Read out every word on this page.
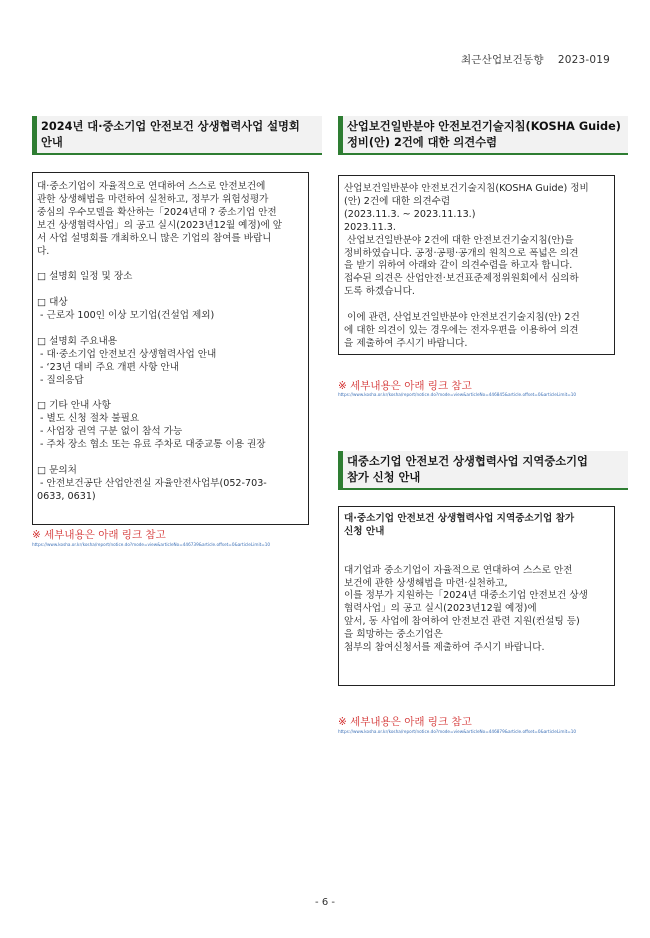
최근산업보건동향 2023-019
2024년 대·중소기업 안전보건 상생협력사업 설명회
안내

대·중소기업이 자율적으로 연대하여 스스로 안전보건에

관한 상생해법을 마련하여 실천하고, 정부가 위험성평가

중심의 우수모델을 확산하는「2024년대 ? 중소기업 안전

보건 상생협력사업」의 공고 실시(2023년12월 예정)에 앞

서 사업 설명회를 개최하오니 많은 기업의 참여를 바랍니

다.

□ 설명회 일정 및 장소

□ 대상

- 근로자 100인 이상 모기업(건설업 제외)

□ 설명회 주요내용

- 대·중소기업 안전보건 상생협력사업 안내

- ‘23년 대비 주요 개편 사항 안내

- 질의응답

□ 기타 안내 사항

- 별도 신청 절차 불필요

- 사업장 권역 구분 없이 참석 가능

- 주차 장소 협소 또는 유료 주차로 대중교통 이용 권장

□ 문의처

- 안전보건공단 산업안전실 자율안전사업부(052-703-

0633, 0631)

※ 세부내용은 아래 링크 참고
https://www.kosha.or.kr/kosha/report/notice.do?mode=view&articleNo=446739&article.offset=0&articleLimit=10
산업보건일반분야 안전보건기술지침(KOSHA Guide)
정비(안) 2건에 대한 의견수렴

산업보건일반분야 안전보건기술지침(KOSHA Guide) 정비

(안) 2건에 대한 의견수렴

(2023.11.3. ~ 2023.11.13.)

2023.11.3.

산업보건일반분야 2건에 대한 안전보건기술지침(안)을

정비하였습니다. 공정·공평·공개의 원칙으로 폭넓은 의견

을 받기 위하여 아래와 같이 의견수렴을 하고자 합니다.

접수된 의견은 산업안전·보건표준제정위원회에서 심의하

도록 하겠습니다.

이에 관련, 산업보건일반분야 안전보건기술지침(안) 2건

에 대한 의견이 있는 경우에는 전자우편을 이용하여 의견

을 제출하여 주시기 바랍니다.

※ 세부내용은 아래 링크 참고
https://www.kosha.or.kr/kosha/report/notice.do?mode=view&articleNo=446845&article.offset=0&articleLimit=10
대중소기업 안전보건 상생협력사업 지역중소기업
참가 신청 안내

대·중소기업 안전보건 상생협력사업 지역중소기업 참가

신청 안내

대기업과 중소기업이 자율적으로 연대하여 스스로 안전

보건에 관한 상생해법을 마련·실천하고,

이를 정부가 지원하는「2024년 대중소기업 안전보건 상생

협력사업」의 공고 실시(2023년12월 예정)에

앞서, 동 사업에 참여하여 안전보건 관련 지원(컨설팅 등)

을 희망하는 중소기업은

첨부의 참여신청서를 제출하여 주시기 바랍니다.

※ 세부내용은 아래 링크 참고
https://www.kosha.or.kr/kosha/report/notice.do?mode=view&articleNo=446879&article.offset=0&articleLimit=10
- 6 -
